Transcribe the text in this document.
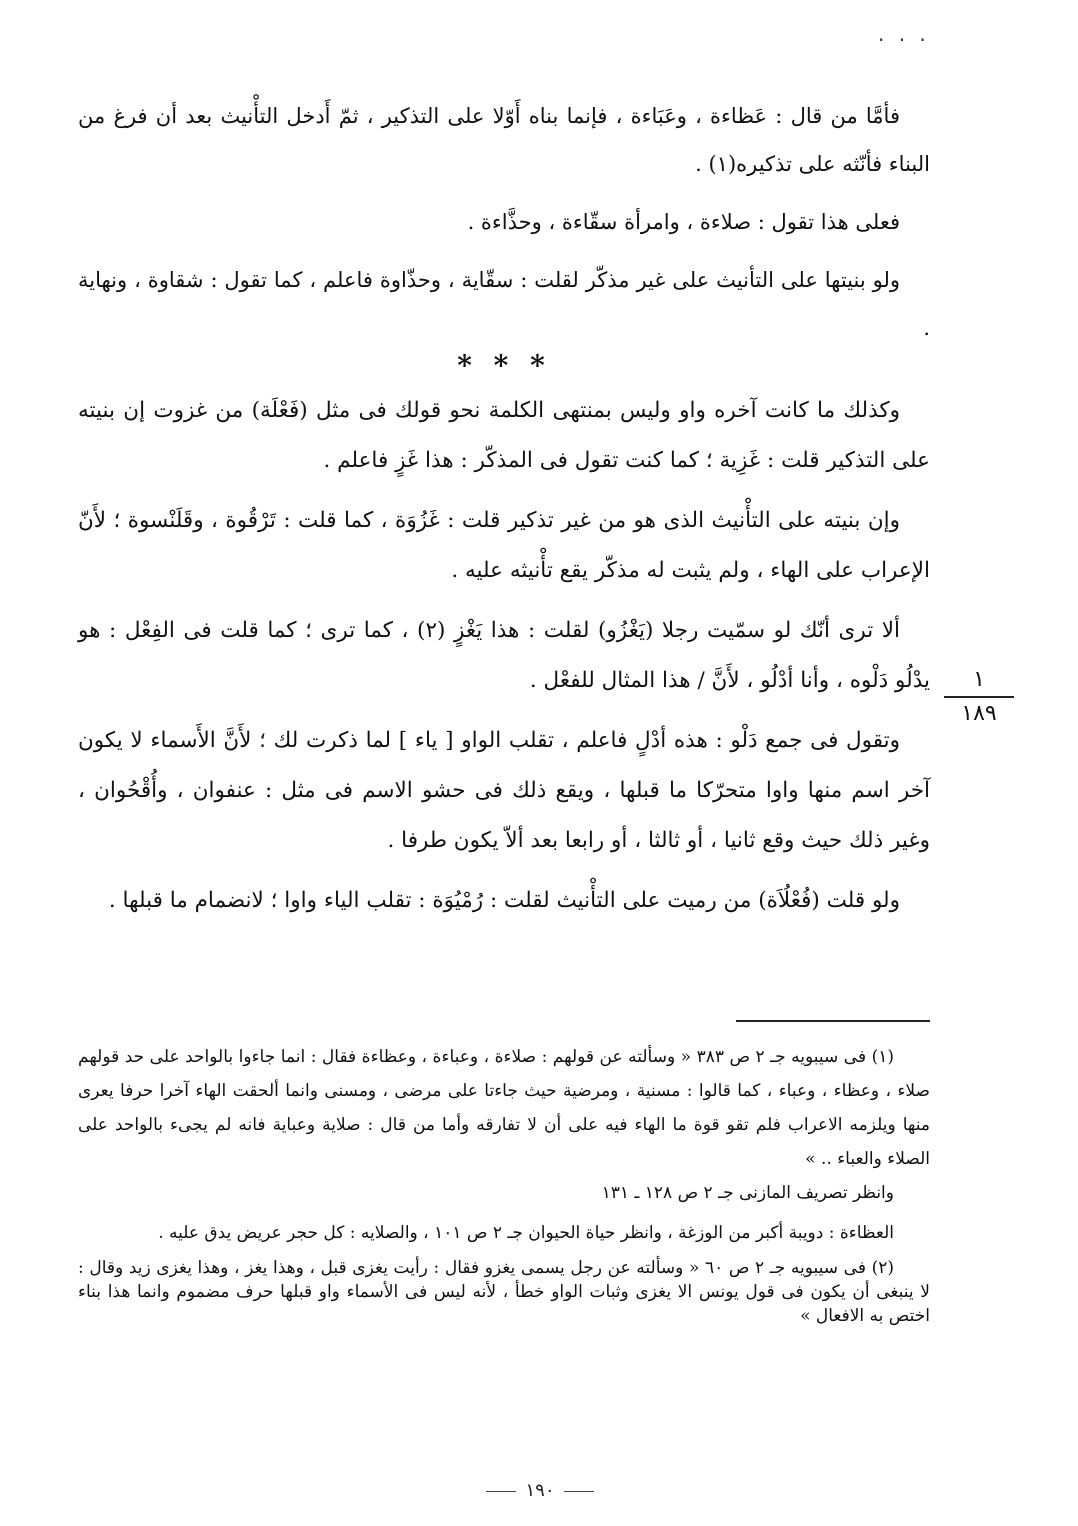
· · ·

فأمَّا من قال : عَظاءة ، وعَبَاءة ، فإنما بناه أَوّلا على التذكير ، ثمّ أَدخل التأْنيث بعد أن فرغ من البناء فأنّثه على تذكيره(١) .

فعلى هذا تقول : صلاءة ، وامرأة سقّاءة ، وحذَّاءة .

ولو بنيتها على التأنيث على غير مذكّر لقلت : سقّاية ، وحذّاوة فاعلم ، كما تقول : شقاوة ، ونهاية .

* * *

وكذلك ما كانت آخره واو وليس بمنتهى الكلمة نحو قولك فى مثل (فَعْلَة) من غزوت إن بنيته على التذكير قلت : غَزِية ؛ كما كنت تقول فى المذكّر : هذا غَزٍ فاعلم .

وإن بنيته على التأْنيث الذى هو من غير تذكير قلت : غَزُوَة ، كما قلت : تَرْقُوة ، وقَلَنْسوة ؛ لأَنّ الإعراب على الهاء ، ولم يثبت له مذكّر يقع تأْنيثه عليه .

ألا ترى أنّك لو سمّيت رجلا (يَغْزُو) لقلت : هذا يَغْزٍ (٢) ، كما ترى ؛ كما قلت فى الفِعْل : هو يدْلُو دَلْوه ، وأنا أدْلُو ، لأَنَّ / هذا المثال للفعْل .

وتقول فى جمع دَلْو : هذه أدْلٍ فاعلم ، تقلب الواو [ ياء ] لما ذكرت لك ؛ لأَنَّ الأَسماء لا يكون آخر اسم منها واوا متحرّكا ما قبلها ، ويقع ذلك فى حشو الاسم فى مثل : عنفوان ، وأُقْحُوان ، وغير ذلك حيث وقع ثانيا ، أو ثالثا ، أو رابعا بعد ألاّ يكون طرفا .

ولو قلت (فُعْلُاَة) من رميت على التأْنيث لقلت : رُمْيُوَة : تقلب الياء واوا ؛ لانضمام ما قبلها .

١
١٨٩

(١) فى سيبويه جـ ٢ ص ٣٨٣ « وسألته عن قولهم : صلاءة ، وعباءة ، وعظاءة فقال : انما جاءوا بالواحد على حد قولهم صلاء ، وعظاء ، وعباء ، كما قالوا : مسنية ، ومرضية حيث جاءتا على مرضى ، ومسنى وانما ألحقت الهاء آخرا حرفا يعرى منها ويلزمه الاعراب فلم تقو قوة ما الهاء فيه على أن لا تفارقه وأما من قال : صلاية وعباية فانه لم يجىء بالواحد على الصلاء والعباء .. »

وانظر تصريف المازنى جـ ٢ ص ١٢٨ ـ ١٣١

العظاءة : دويبة أكبر من الوزغة ، وانظر حياة الحيوان جـ ٢ ص ١٠١ ، والصلايه : كل حجر عريض يدق عليه .

(٢) فى سيبويه جـ ٢ ص ٦٠ « وسألته عن رجل يسمى يغزو فقال : رأيت يغزى قبل ، وهذا يغز ، وهذا يغزى زيد وقال : لا ينبغى أن يكون فى قول يونس الا يغزى وثبات الواو خطأ ، لأنه ليس فى الأسماء واو قبلها حرف مضموم وانما هذا بناء اختص به الافعال »

١٩٠
